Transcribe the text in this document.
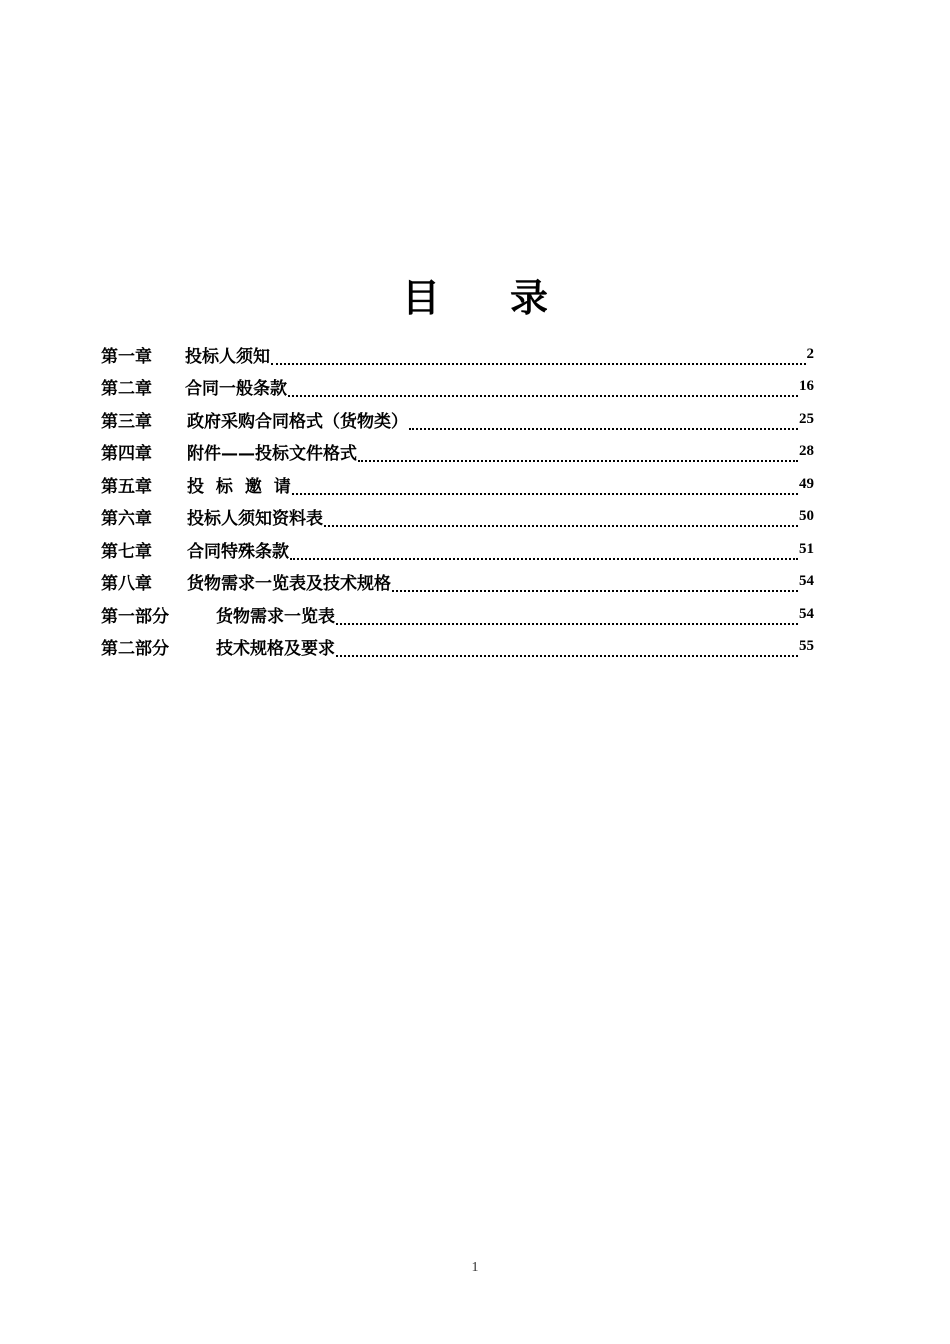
目 录
第一章	投标人须知	2
第二章	合同一般条款	16
第三章	政府采购合同格式（货物类）	25
第四章	附件——投标文件格式	28
第五章	投 标 邀 请	49
第六章	投标人须知资料表	50
第七章	合同特殊条款	51
第八章	货物需求一览表及技术规格	54
第一部分	货物需求一览表	54
第二部分	技术规格及要求	55
1
